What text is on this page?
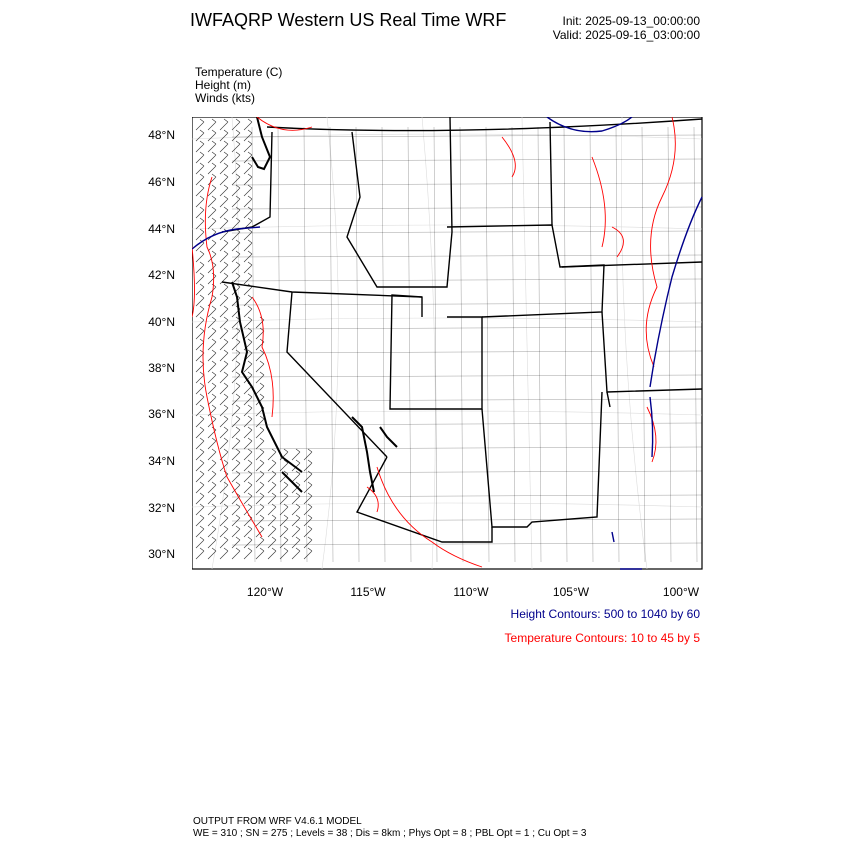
IWFAQRP Western US Real Time WRF	Init: 2025-09-13_00:00:00
Valid: 2025-09-16_03:00:00
Temperature (C)
Height (m)
Winds (kts)
48°N
46°N
44°N
42°N
40°N
38°N
36°N
34°N
32°N
30°N
120°W	115°W	110°W	105°W	100°W
Height Contours: 500 to 1040 by 60
Temperature Contours: 10 to 45 by 5
OUTPUT FROM WRF V4.6.1 MODEL
WE = 310 ; SN = 275 ; Levels = 38 ; Dis = 8km ; Phys Opt = 8 ; PBL Opt = 1 ; Cu Opt = 3
